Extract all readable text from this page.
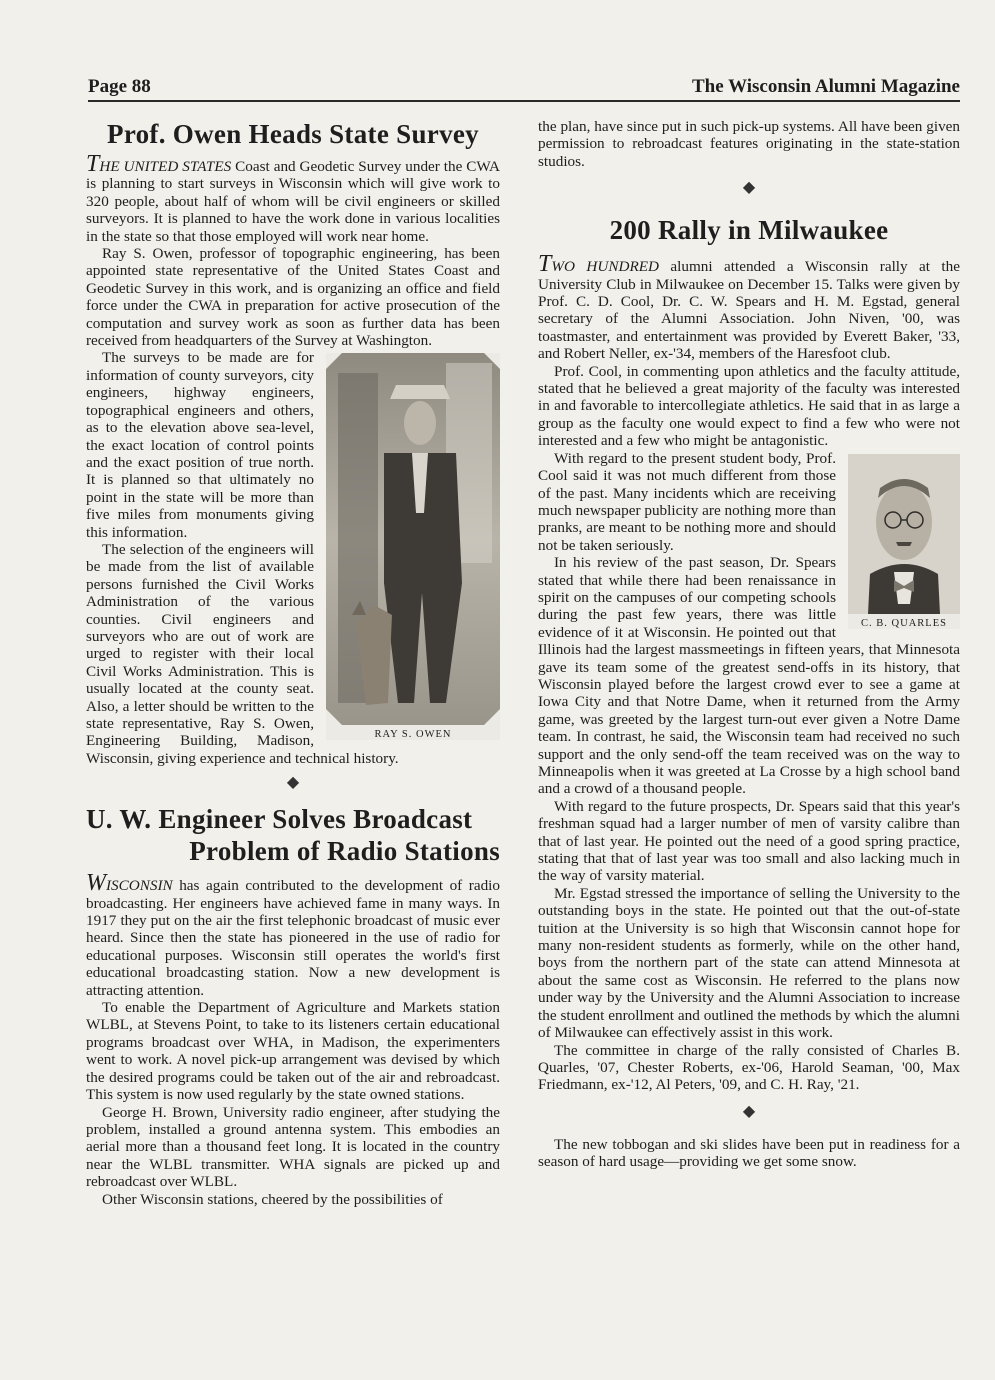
Page 88	The Wisconsin Alumni Magazine
Prof. Owen Heads State Survey

THE UNITED STATES Coast and Geodetic Survey under the CWA is planning to start surveys in Wisconsin which will give work to 320 people, about half of whom will be civil engineers or skilled surveyors. It is planned to have the work done in various localities in the state so that those employed will work near home.

Ray S. Owen, professor of topographic engineering, has been appointed state representative of the United States Coast and Geodetic Survey in this work, and is organizing an office and field force under the CWA in preparation for active prosecution of the computation and survey work as soon as further data has been received from headquarters of the Survey at Washington.

RAY S. OWEN

The surveys to be made are for information of county surveyors, city engineers, highway engineers, topographical engineers and others, as to the elevation above sea-level, the exact location of control points and the exact position of true north. It is planned so that ultimately no point in the state will be more than five miles from monuments giving this information.

The selection of the engineers will be made from the list of available persons furnished the Civil Works Administration of the various counties. Civil engineers and surveyors who are out of work are urged to register with their local Civil Works Administration. This is usually located at the county seat. Also, a letter should be written to the state representative, Ray S. Owen, Engineering Building, Madison, Wisconsin, giving experience and technical history.

◆
U. W. Engineer Solves Broadcast
Problem of Radio Stations

WISCONSIN has again contributed to the development of radio broadcasting. Her engineers have achieved fame in many ways. In 1917 they put on the air the first telephonic broadcast of music ever heard. Since then the state has pioneered in the use of radio for educational purposes. Wisconsin still operates the world's first educational broadcasting station. Now a new development is attracting attention.

To enable the Department of Agriculture and Markets station WLBL, at Stevens Point, to take to its listeners certain educational programs broadcast over WHA, in Madison, the experimenters went to work. A novel pick-up arrangement was devised by which the desired programs could be taken out of the air and rebroadcast. This system is now used regularly by the state owned stations.

George H. Brown, University radio engineer, after studying the problem, installed a ground antenna system. This embodies an aerial more than a thousand feet long. It is located in the country near the WLBL transmitter. WHA signals are picked up and rebroadcast over WLBL.

Other Wisconsin stations, cheered by the possibilities of

the plan, have since put in such pick-up systems. All have been given permission to rebroadcast features originating in the state-station studios.

◆
200 Rally in Milwaukee

TWO HUNDRED alumni attended a Wisconsin rally at the University Club in Milwaukee on December 15. Talks were given by Prof. C. D. Cool, Dr. C. W. Spears and H. M. Egstad, general secretary of the Alumni Association. John Niven, '00, was toastmaster, and entertainment was provided by Everett Baker, '33, and Robert Neller, ex-'34, members of the Haresfoot club.

Prof. Cool, in commenting upon athletics and the faculty attitude, stated that he believed a great majority of the faculty was interested in and favorable to intercollegiate athletics. He said that in as large a group as the faculty one would expect to find a few who were not interested and a few who might be antagonistic.

C. B. QUARLES

With regard to the present student body, Prof. Cool said it was not much different from those of the past. Many incidents which are receiving much newspaper publicity are nothing more than pranks, are meant to be nothing more and should not be taken seriously.

In his review of the past season, Dr. Spears stated that while there had been renaissance in spirit on the campuses of our competing schools during the past few years, there was little evidence of it at Wisconsin. He pointed out that Illinois had the largest massmeetings in fifteen years, that Minnesota gave its team some of the greatest send-offs in its history, that Wisconsin played before the largest crowd ever to see a game at Iowa City and that Notre Dame, when it returned from the Army game, was greeted by the largest turn-out ever given a Notre Dame team. In contrast, he said, the Wisconsin team had received no such support and the only send-off the team received was on the way to Minneapolis when it was greeted at La Crosse by a high school band and a crowd of a thousand people.

With regard to the future prospects, Dr. Spears said that this year's freshman squad had a larger number of men of varsity calibre than that of last year. He pointed out the need of a good spring practice, stating that that of last year was too small and also lacking much in the way of varsity material.

Mr. Egstad stressed the importance of selling the University to the outstanding boys in the state. He pointed out that the out-of-state tuition at the University is so high that Wisconsin cannot hope for many non-resident students as formerly, while on the other hand, boys from the northern part of the state can attend Minnesota at about the same cost as Wisconsin. He referred to the plans now under way by the University and the Alumni Association to increase the student enrollment and outlined the methods by which the alumni of Milwaukee can effectively assist in this work.

The committee in charge of the rally consisted of Charles B. Quarles, '07, Chester Roberts, ex-'06, Harold Seaman, '00, Max Friedmann, ex-'12, Al Peters, '09, and C. H. Ray, '21.

◆

The new tobbogan and ski slides have been put in readiness for a season of hard usage—providing we get some snow.
